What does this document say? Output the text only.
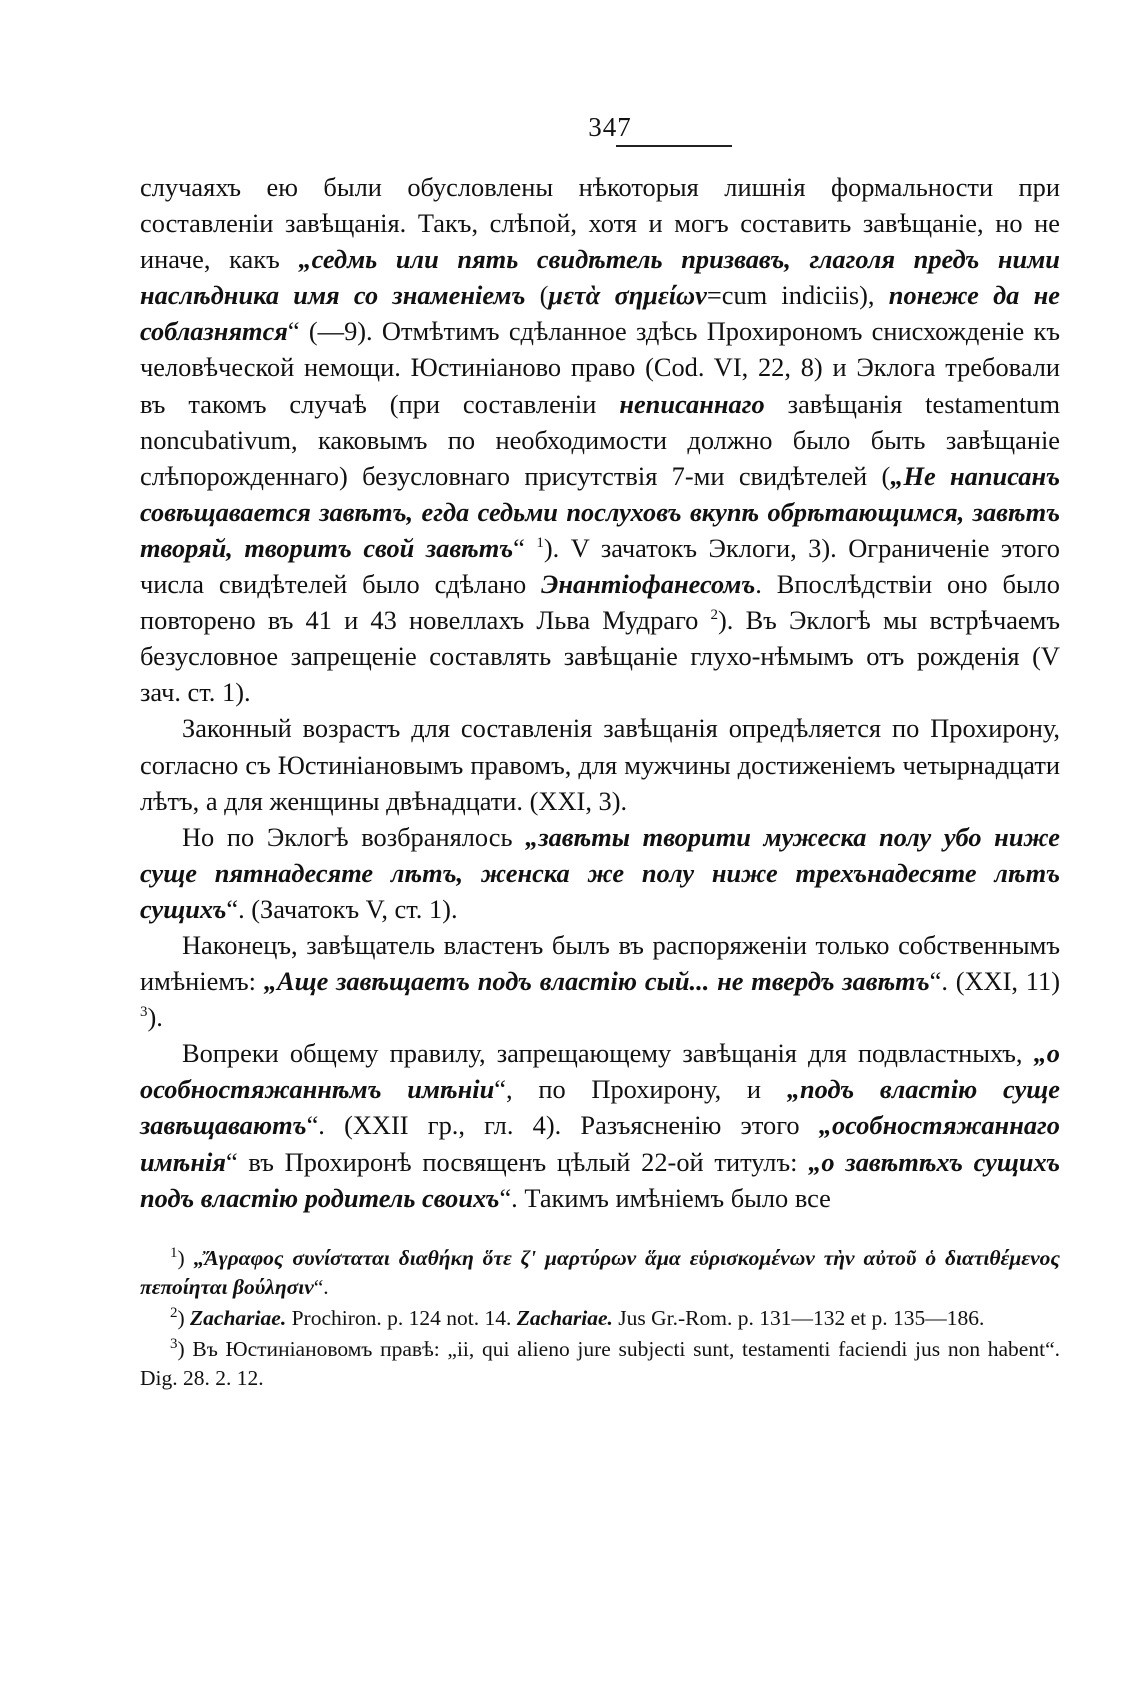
347

случаяхъ ею были обусловлены нѣкоторыя лишнія формальности при составленіи завѣщанія. Такъ, слѣпой, хотя и могъ составить завѣщаніе, но не иначе, какъ „седмь или пять свидѣтель призвавъ, глаголя предъ ними наслѣдника имя со знаменіемъ (μετὰ σημείων=cum indiciis), понеже да не соблазнятся“ (—9). Отмѣтимъ сдѣланное здѣсь Прохирономъ снисхожденіе къ человѣческой немощи. Юстиніаново право (Cod. VI, 22, 8) и Эклога требовали въ такомъ случаѣ (при составленіи неписаннаго завѣщанія testamentum noncubativum, каковымъ по необходимости должно было быть завѣщаніе слѣпорожденнаго) безусловнаго присутствія 7-ми свидѣтелей („Не написанъ совѣщавается завѣтъ, егда седьми послуховъ вкупѣ обрѣтающимся, завѣтъ творяй, творитъ свой завѣтъ“ $^1$). V зачатокъ Эклоги, 3). Ограниченіе этого числа свидѣтелей было сдѣлано Энантіофанесомъ. Впослѣдствіи оно было повторено въ 41 и 43 новеллахъ Льва Мудраго $^2$). Въ Эклогѣ мы встрѣчаемъ безусловное запрещеніе составлять завѣщаніе глухо-нѣмымъ отъ рожденія (V зач. ст. 1).

Законный возрастъ для составленія завѣщанія опредѣляется по Прохирону, согласно съ Юстиніановымъ правомъ, для мужчины достиженіемъ четырнадцати лѣтъ, а для женщины двѣнадцати. (XXI, 3).

Но по Эклогѣ возбранялось „завѣты творити мужеска полу убо ниже суще пятнадесяте лѣтъ, женска же полу ниже трехънадесяте лѣтъ сущихъ“. (Зачатокъ V, ст. 1).

Наконецъ, завѣщатель властенъ былъ въ распоряженіи только собственнымъ имѣніемъ: „Аще завѣщаетъ подъ властію сый... не твердъ завѣтъ“. (XXI, 11) $^3$).

Вопреки общему правилу, запрещающему завѣщанія для подвластныхъ, „о особностяжаннѣмъ имѣніи“, по Прохирону, и „подъ властію суще завѣщаваютъ“. (XXII гр., гл. 4). Разъясненію этого „особностяжаннаго имѣнія“ въ Прохиронѣ посвященъ цѣлый 22-ой титулъ: „о завѣтѣхъ сущихъ подъ властію родитель своихъ“. Такимъ имѣніемъ было все

$^1$) „Ἄγραφος συνίσταται διαθήκη ὅτε ζʹ μαρτύρων ἅμα εὑρισκομένων τὴν αὐτοῦ ὁ διατιθέμενος πεποίηται βούλησιν“.

$^2$) Zachariae. Prochiron. p. 124 not. 14. Zachariae. Jus Gr.-Rom. p. 131—132 et p. 135—186.

$^3$) Въ Юстиніановомъ правѣ: „ii, qui alieno jure subjecti sunt, testamenti faciendi jus non habent“. Dig. 28. 2. 12.
